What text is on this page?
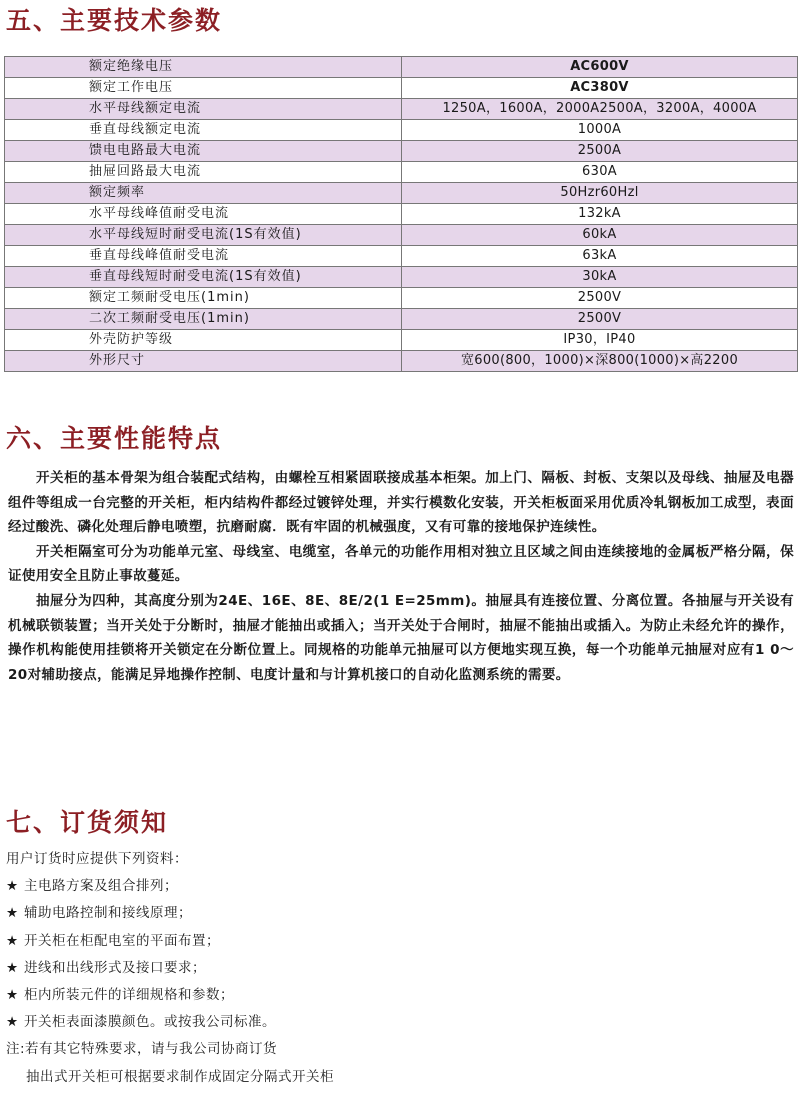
五、主要技术参数
额定绝缘电压	AC600V
额定工作电压	AC380V
水平母线额定电流	1250A，1600A，2000A2500A，3200A，4000A
垂直母线额定电流	1000A
馈电电路最大电流	2500A
抽屉回路最大电流	630A
额定频率	50Hzr60Hzl
水平母线峰值耐受电流	132kA
水平母线短时耐受电流(1S有效值)	60kA
垂直母线峰值耐受电流	63kA
垂直母线短时耐受电流(1S有效值)	30kA
额定工频耐受电压(1min)	2500V
二次工频耐受电压(1min)	2500V
外壳防护等级	IP30，IP40
外形尺寸	宽600(800，1000)×深800(1000)×高2200
六、主要性能特点

开关柜的基本骨架为组合装配式结构，由螺栓互相紧固联接成基本柜架。加上门、隔板、封板、支架以及母线、抽屉及电器组件等组成一台完整的开关柜，柜内结构件都经过镀锌处理，并实行模数化安装，开关柜板面采用优质冷轧钢板加工成型，表面经过酸洗、磷化处理后静电喷塑，抗磨耐腐．既有牢固的机械强度，又有可靠的接地保护连续性。

开关柜隔室可分为功能单元室、母线室、电缆室，各单元的功能作用相对独立且区域之间由连续接地的金属板严格分隔，保证使用安全且防止事故蔓延。

抽屉分为四种，其高度分别为24E、16E、8E、8E/2(1 E=25mm)。抽屉具有连接位置、分离位置。各抽屉与开关设有机械联锁装置；当开关处于分断时，抽屉才能抽出或插入；当开关处于合闸时，抽屉不能抽出或插入。为防止未经允许的操作，操作机构能使用挂锁将开关锁定在分断位置上。同规格的功能单元抽屉可以方便地实现互换，每一个功能单元抽屉对应有1 0～20对辅助接点，能满足异地操作控制、电度计量和与计算机接口的自动化监测系统的需要。

七、订货须知
用户订货时应提供下列资料：
★ 主电路方案及组合排列；
★ 辅助电路控制和接线原理；
★ 开关柜在柜配电室的平面布置；
★ 进线和出线形式及接口要求；
★ 柜内所装元件的详细规格和参数；
★ 开关柜表面漆膜颜色。或按我公司标准。
注:若有其它特殊要求，请与我公司协商订货
抽出式开关柜可根据要求制作成固定分隔式开关柜
